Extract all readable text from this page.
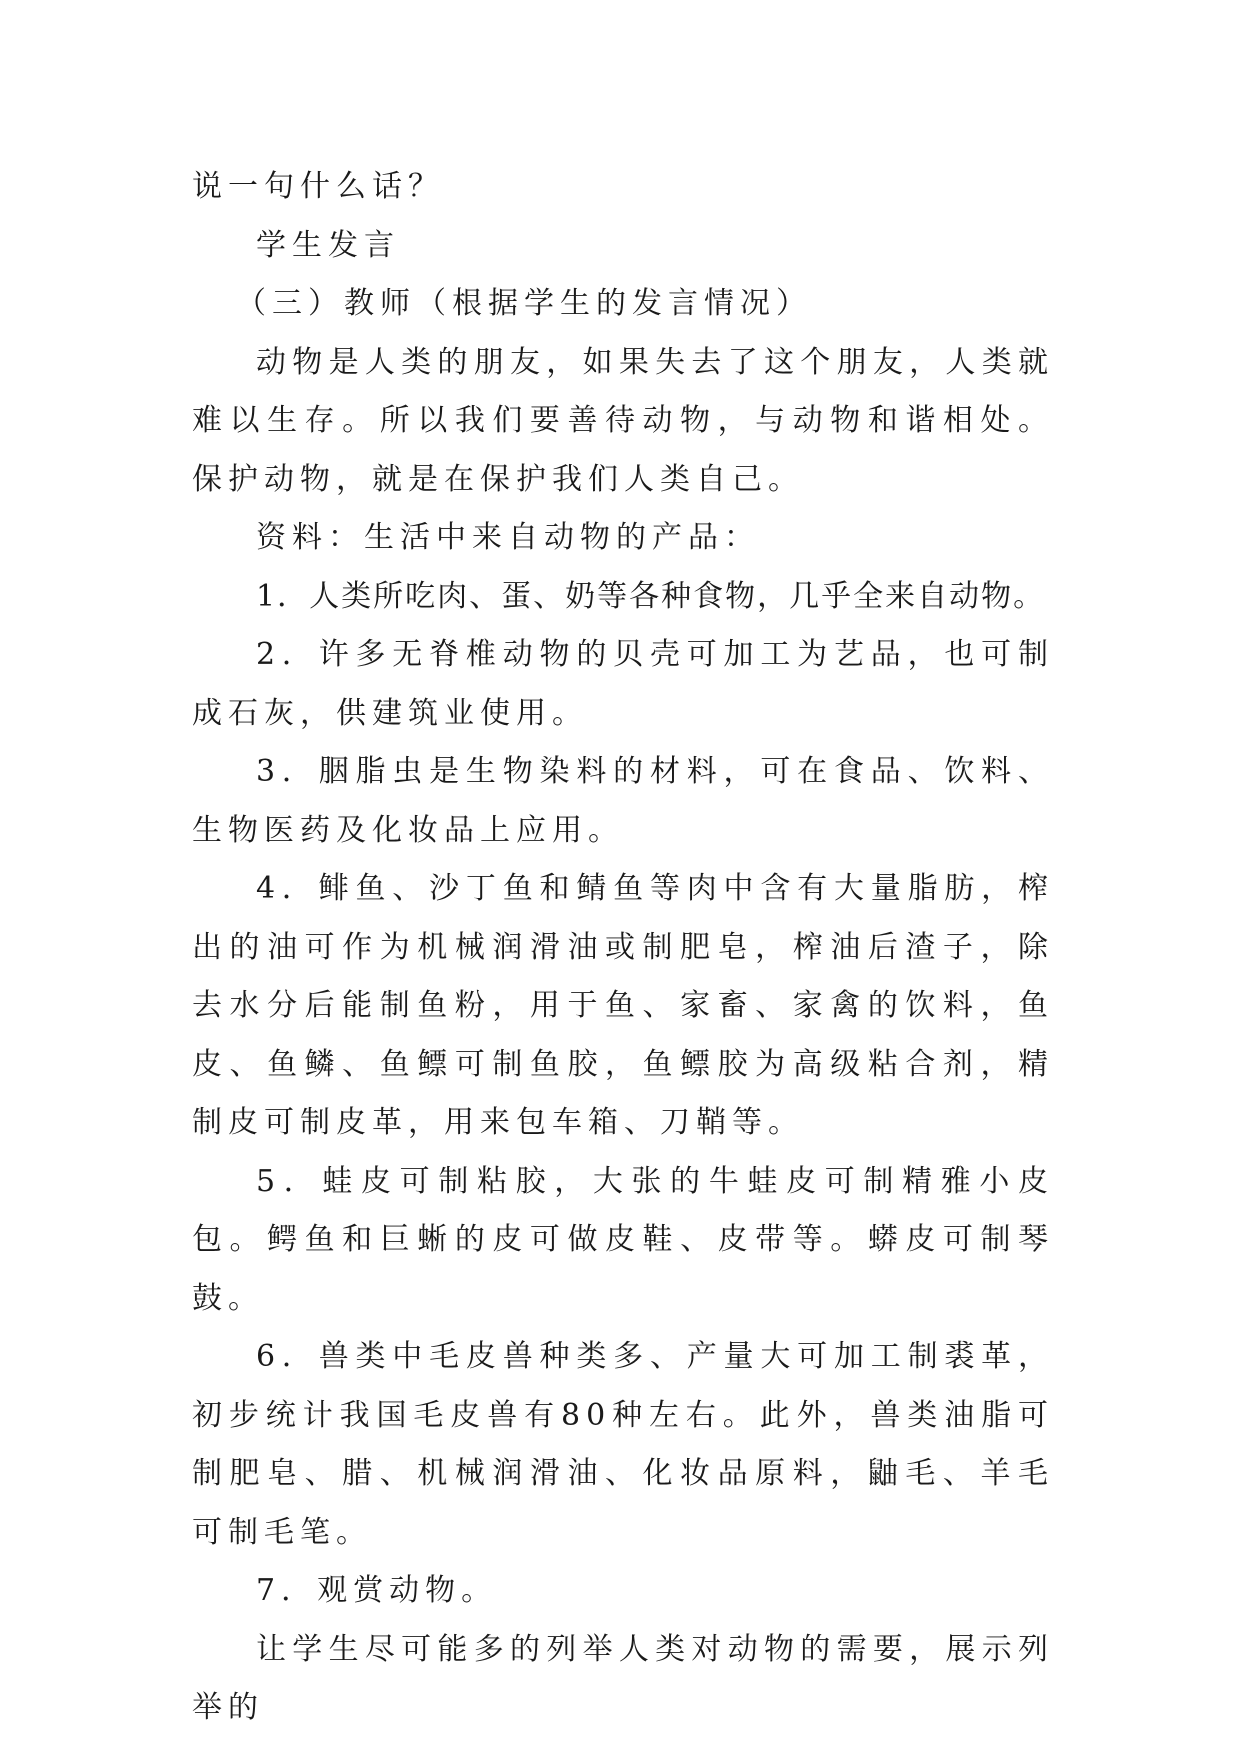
说一句什么话？

学生发言

（三）教师（根据学生的发言情况）

动物是人类的朋友，如果失去了这个朋友，人类就难以生存。所以我们要善待动物，与动物和谐相处。保护动物，就是在保护我们人类自己。

资料：生活中来自动物的产品：

1．人类所吃肉、蛋、奶等各种食物，几乎全来自动物。

2．许多无脊椎动物的贝壳可加工为艺品，也可制成石灰，供建筑业使用。

3．胭脂虫是生物染料的材料，可在食品、饮料、生物医药及化妆品上应用。

4．鲱鱼、沙丁鱼和鲭鱼等肉中含有大量脂肪，榨出的油可作为机械润滑油或制肥皂，榨油后渣子，除去水分后能制鱼粉，用于鱼、家畜、家禽的饮料，鱼皮、鱼鳞、鱼鳔可制鱼胶，鱼鳔胶为高级粘合剂，精制皮可制皮革，用来包车箱、刀鞘等。

5．蛙皮可制粘胶，大张的牛蛙皮可制精雅小皮包。鳄鱼和巨蜥的皮可做皮鞋、皮带等。蟒皮可制琴鼓。

6．兽类中毛皮兽种类多、产量大可加工制裘革，初步统计我国毛皮兽有80种左右。此外，兽类油脂可制肥皂、腊、机械润滑油、化妆品原料，鼬毛、羊毛可制毛笔。

7．观赏动物。

让学生尽可能多的列举人类对动物的需要，展示列举的
